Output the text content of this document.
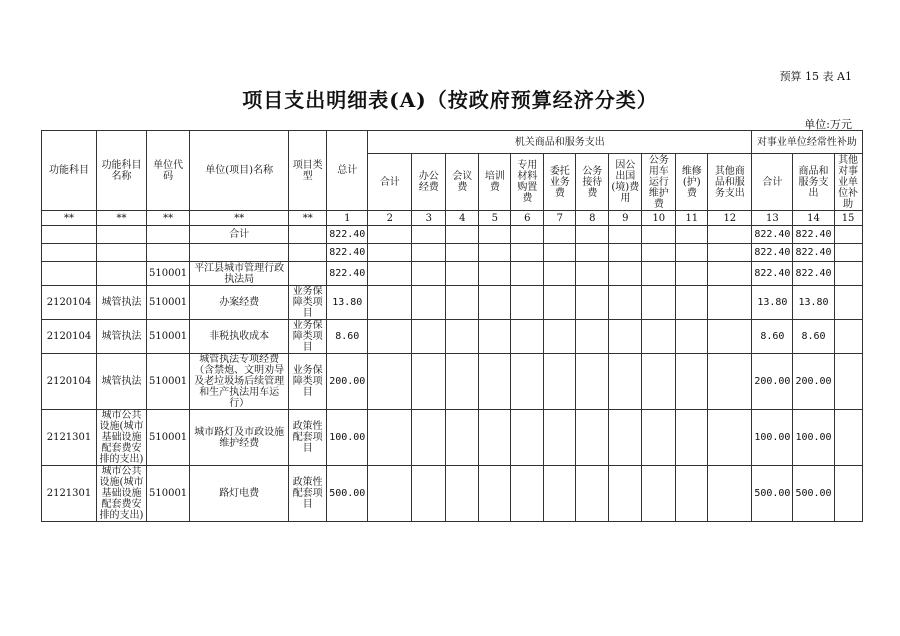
预算 15 表 A1
项目支出明细表(A)（按政府预算经济分类）
单位:万元
功能科目	功能科目名称	单位代码	单位(项目)名称	项目类型	总计	机关商品和服务支出											对事业单位经常性补助		
						合计	办公经费	会议费	培训费	专用材料购置费	委托业务费	公务接待费	因公出国(境)费用	公务用车运行维护费	维修(护)费	其他商品和服务支出	合计	商品和服务支出	其他对事业单位补助
**	**	**	**	**	1	2	3	4	5	6	7	8	9	10	11	12	13	14	15
			合计		822.40												822.40	822.40	
					822.40												822.40	822.40	
		510001	平江县城市管理行政执法局		822.40												822.40	822.40	
2120104	城管执法	510001	办案经费	业务保障类项目	13.80												13.80	13.80	
2120104	城管执法	510001	非税执收成本	业务保障类项目	8.60												8.60	8.60	
2120104	城管执法	510001	城管执法专项经费（含禁炮、文明劝导及老垃圾场后续管理和生产执法用车运行）	业务保障类项目	200.00												200.00	200.00	
2121301	城市公共设施(城市基础设施配套费安排的支出)	510001	城市路灯及市政设施维护经费	政策性配套项目	100.00												100.00	100.00	
2121301	城市公共设施(城市基础设施配套费安排的支出)	510001	路灯电费	政策性配套项目	500.00												500.00	500.00	
